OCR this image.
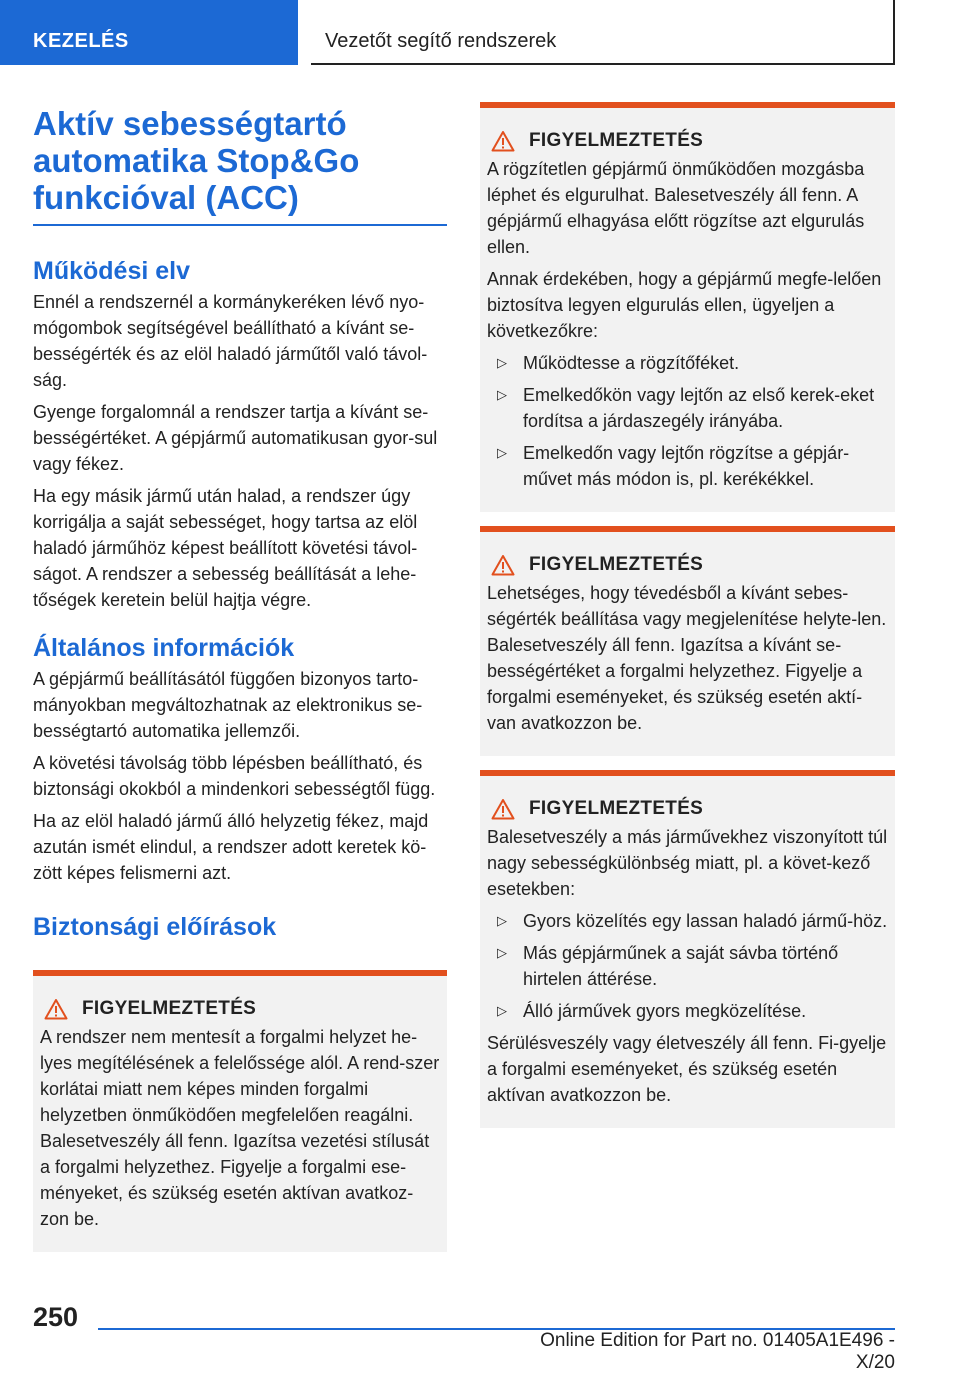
KEZELÉS	Vezetőt segítő rendszerek
Aktív sebességtartó automatika Stop&Go funkcióval (ACC)
Működési elv

Ennél a rendszernél a kormánykeréken lévő nyo-mógombok segítségével beállítható a kívánt se-bességérték és az elöl haladó járműtől való távol-ság.

Gyenge forgalomnál a rendszer tartja a kívánt se-bességértéket. A gépjármű automatikusan gyor-sul vagy fékez.

Ha egy másik jármű után halad, a rendszer úgy korrigálja a saját sebességet, hogy tartsa az elöl haladó járműhöz képest beállított követési távol-ságot. A rendszer a sebesség beállítását a lehe-tőségek keretein belül hajtja végre.

Általános információk

A gépjármű beállításától függően bizonyos tarto-mányokban megváltozhatnak az elektronikus se-bességtartó automatika jellemzői.

A követési távolság több lépésben beállítható, és biztonsági okokból a mindenkori sebességtől függ.

Ha az elöl haladó jármű álló helyzetig fékez, majd azután ismét elindul, a rendszer adott keretek kö-zött képes felismerni azt.

Biztonsági előírások
FIGYELMEZTETÉS

A rendszer nem mentesít a forgalmi helyzet he-lyes megítélésének a felelőssége alól. A rend-szer korlátai miatt nem képes minden forgalmi helyzetben önműködően megfelelően reagálni. Balesetveszély áll fenn. Igazítsa vezetési stílusát a forgalmi helyzethez. Figyelje a forgalmi ese-ményeket, és szükség esetén aktívan avatkoz-zon be.

FIGYELMEZTETÉS

A rögzítetlen gépjármű önműködően mozgásba léphet és elgurulhat. Balesetveszély áll fenn. A gépjármű elhagyása előtt rögzítse azt elgurulás ellen.

Annak érdekében, hogy a gépjármű megfe-lelően biztosítva legyen elgurulás ellen, ügyeljen a következőkre:

▷ Működtesse a rögzítőféket.
▷ Emelkedőkön vagy lejtőn az első kerek-eket fordítsa a járdaszegély irányába.
▷ Emelkedőn vagy lejtőn rögzítse a gépjár-művet más módon is, pl. kerékékkel.
FIGYELMEZTETÉS

Lehetséges, hogy tévedésből a kívánt sebes-ségérték beállítása vagy megjelenítése helyte-len. Balesetveszély áll fenn. Igazítsa a kívánt se-bességértéket a forgalmi helyzethez. Figyelje a forgalmi eseményeket, és szükség esetén aktí-van avatkozzon be.

FIGYELMEZTETÉS

Balesetveszély a más járművekhez viszonyított túl nagy sebességkülönbség miatt, pl. a követ-kező esetekben:

▷ Gyors közelítés egy lassan haladó jármű-höz.
▷ Más gépjárműnek a saját sávba történő hirtelen áttérése.
▷ Álló járművek gyors megközelítése.

Sérülésveszély vagy életveszély áll fenn. Fi-gyelje a forgalmi eseményeket, és szükség esetén aktívan avatkozzon be.

250
Online Edition for Part no. 01405A1E496 - X/20
